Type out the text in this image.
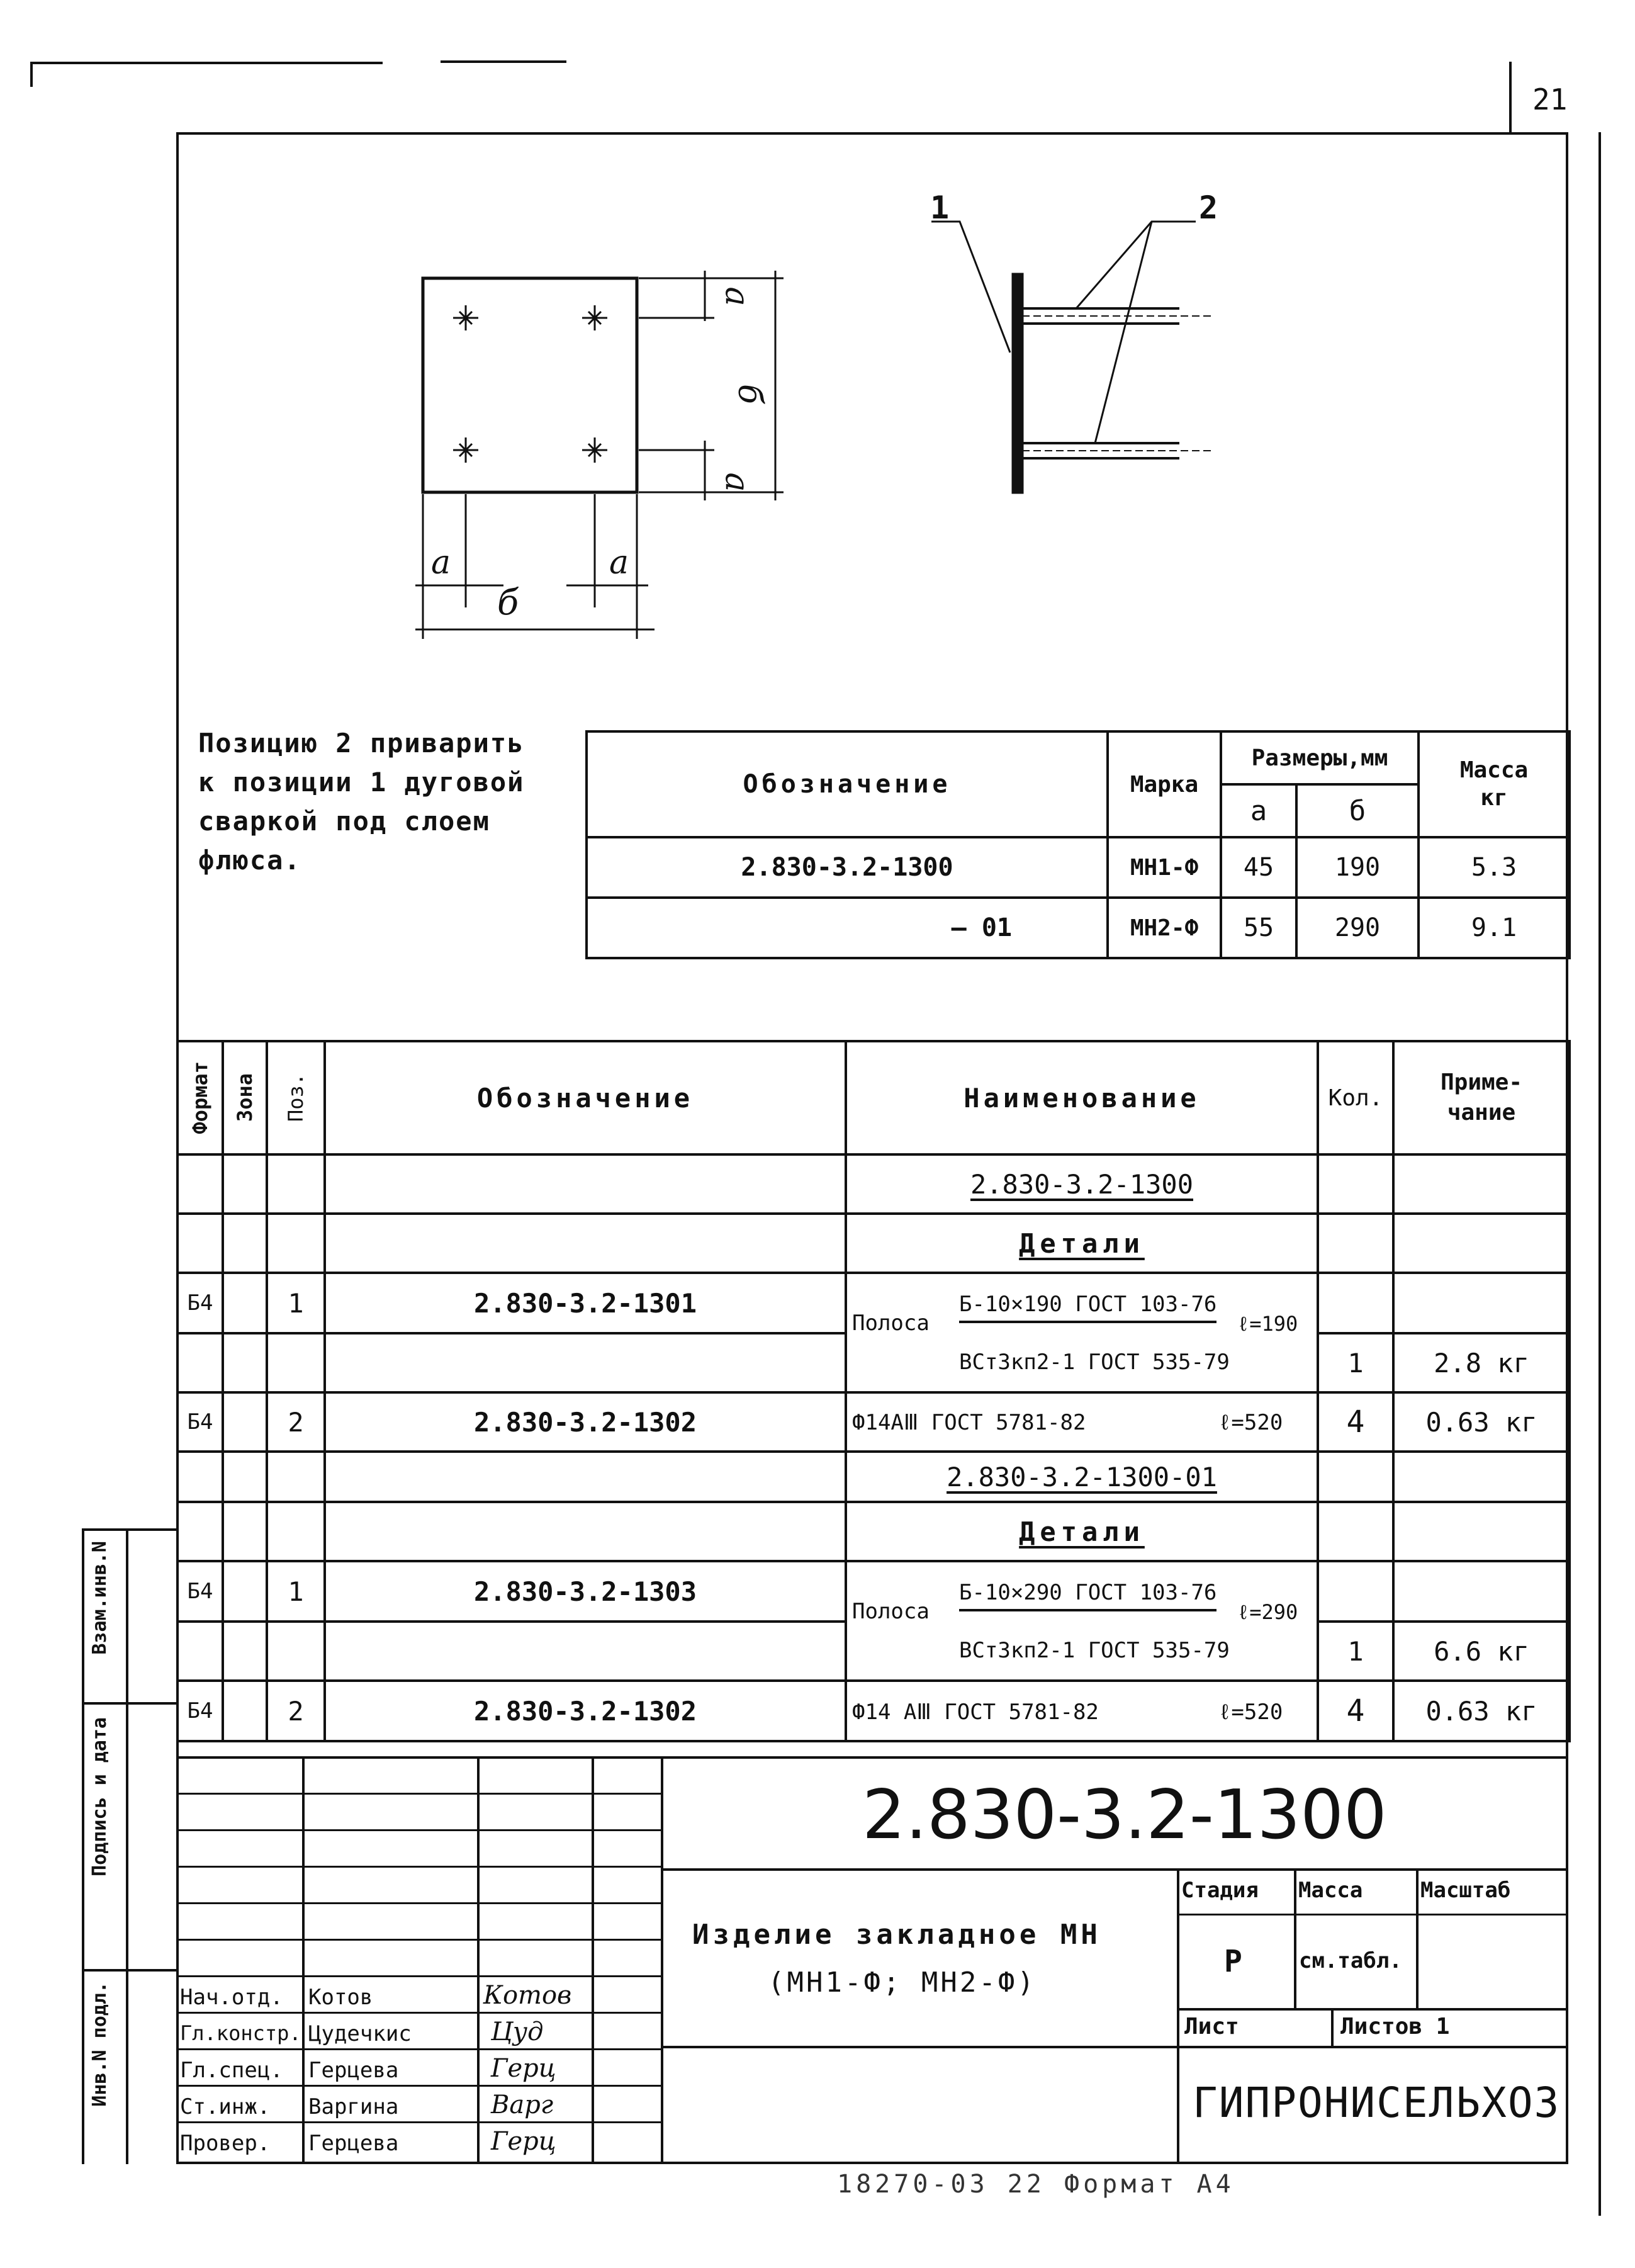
21
а
б
а
а	а
б
1	2
Позицию 2 приварить
к позиции 1 дуговой
сваркой под слоем
флюса.
Обозначение	Марка	Размеры,мм		Масса
кг

		а	б	
2.830-3.2-1300	МН1-Ф	45	190	5.3
— 01	МН2-Ф	55	290	9.1
Формат	Зона	Поз.	Обозначение	Наименование	Кол.	Приме-чание
				2.830-3.2-1300		
				Детали		
Б4		1	2.830-3.2-1301	Полоса
Б-10×190 ГОСТ 103-76
ℓ=190
ВСт3кп2-1 ГОСТ 535-79		

					1	2.8 кг
Б4		2	2.830-3.2-1302	Ф14АⅢ ГОСТ 5781-82 ℓ=520	4	0.63 кг
				2.830-3.2-1300-01		
				Детали		
Б4		1	2.830-3.2-1303	Полоса
Б-10×290 ГОСТ 103-76
ℓ=290
ВСт3кп2-1 ГОСТ 535-79		

					1	6.6 кг
Б4		2	2.830-3.2-1302	Ф14 АⅢ ГОСТ 5781-82 ℓ=520	4	0.63 кг
Инв.N подл.
Подпись и дата
Взам.инв.N
2.830-3.2-1300
Изделие закладное МН
(МН1-Ф; МН2-Ф)
Стадия Масса	Масштаб
Р	см.табл.
Лист	Листов 1
ГИПРОНИСЕЛЬХОЗ
Нач.отд. Котов	Котов
Гл.констр. Цудечкис	Цуд
Гл.спец. Герцева	Герц
Ст.инж. Варгина	Варг
Провер. Герцева	Герц
18270-03 22 Формат А4
